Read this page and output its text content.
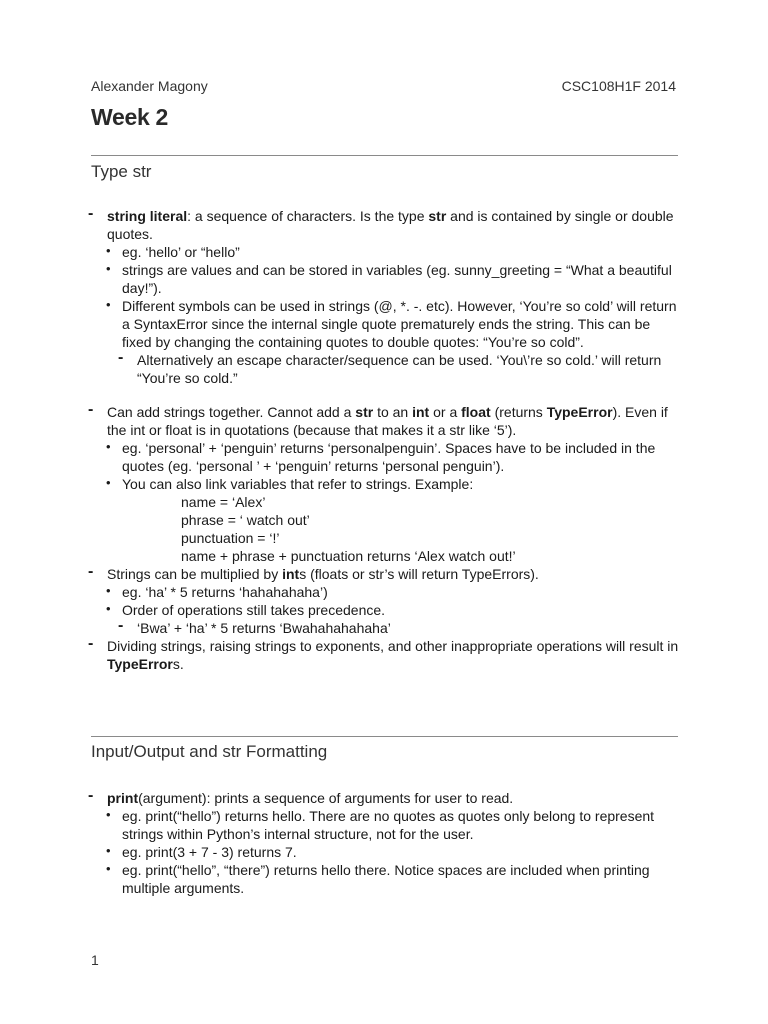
Alexander Magony	CSC108H1F 2014
Week 2
Type str

- string literal: a sequence of characters. Is the type str and is contained by single or double quotes.

• eg. ‘hello’ or “hello”

• strings are values and can be stored in variables (eg. sunny_greeting = “What a beautiful day!”).

• Different symbols can be used in strings (@, *. -. etc). However, ‘You’re so cold’ will return a SyntaxError since the internal single quote prematurely ends the string. This can be fixed by changing the containing quotes to double quotes: “You’re so cold”.

- Alternatively an escape character/sequence can be used. ‘You\’re so cold.’ will return “You’re so cold.”

- Can add strings together. Cannot add a str to an int or a float (returns TypeError). Even if the int or float is in quotations (because that makes it a str like ‘5’).

• eg. ‘personal’ + ‘penguin’ returns ‘personalpenguin’. Spaces have to be included in the quotes (eg. ‘personal ’ + ‘penguin’ returns ‘personal penguin’).

• You can also link variables that refer to strings. Example:

name = ‘Alex’

phrase = ‘ watch out’

punctuation = ‘!’

name + phrase + punctuation returns ‘Alex watch out!’

- Strings can be multiplied by ints (floats or str’s will return TypeErrors).

• eg. ‘ha’ * 5 returns ‘hahahahaha’)

• Order of operations still takes precedence.

- ‘Bwa’ + ‘ha’ * 5 returns ‘Bwahahahahaha’

- Dividing strings, raising strings to exponents, and other inappropriate operations will result in TypeErrors.

Input/Output and str Formatting

- print(argument): prints a sequence of arguments for user to read.

• eg. print(“hello”) returns hello. There are no quotes as quotes only belong to represent strings within Python’s internal structure, not for the user.

• eg. print(3 + 7 - 3) returns 7.

• eg. print(“hello”, “there”) returns hello there. Notice spaces are included when printing multiple arguments.

1
